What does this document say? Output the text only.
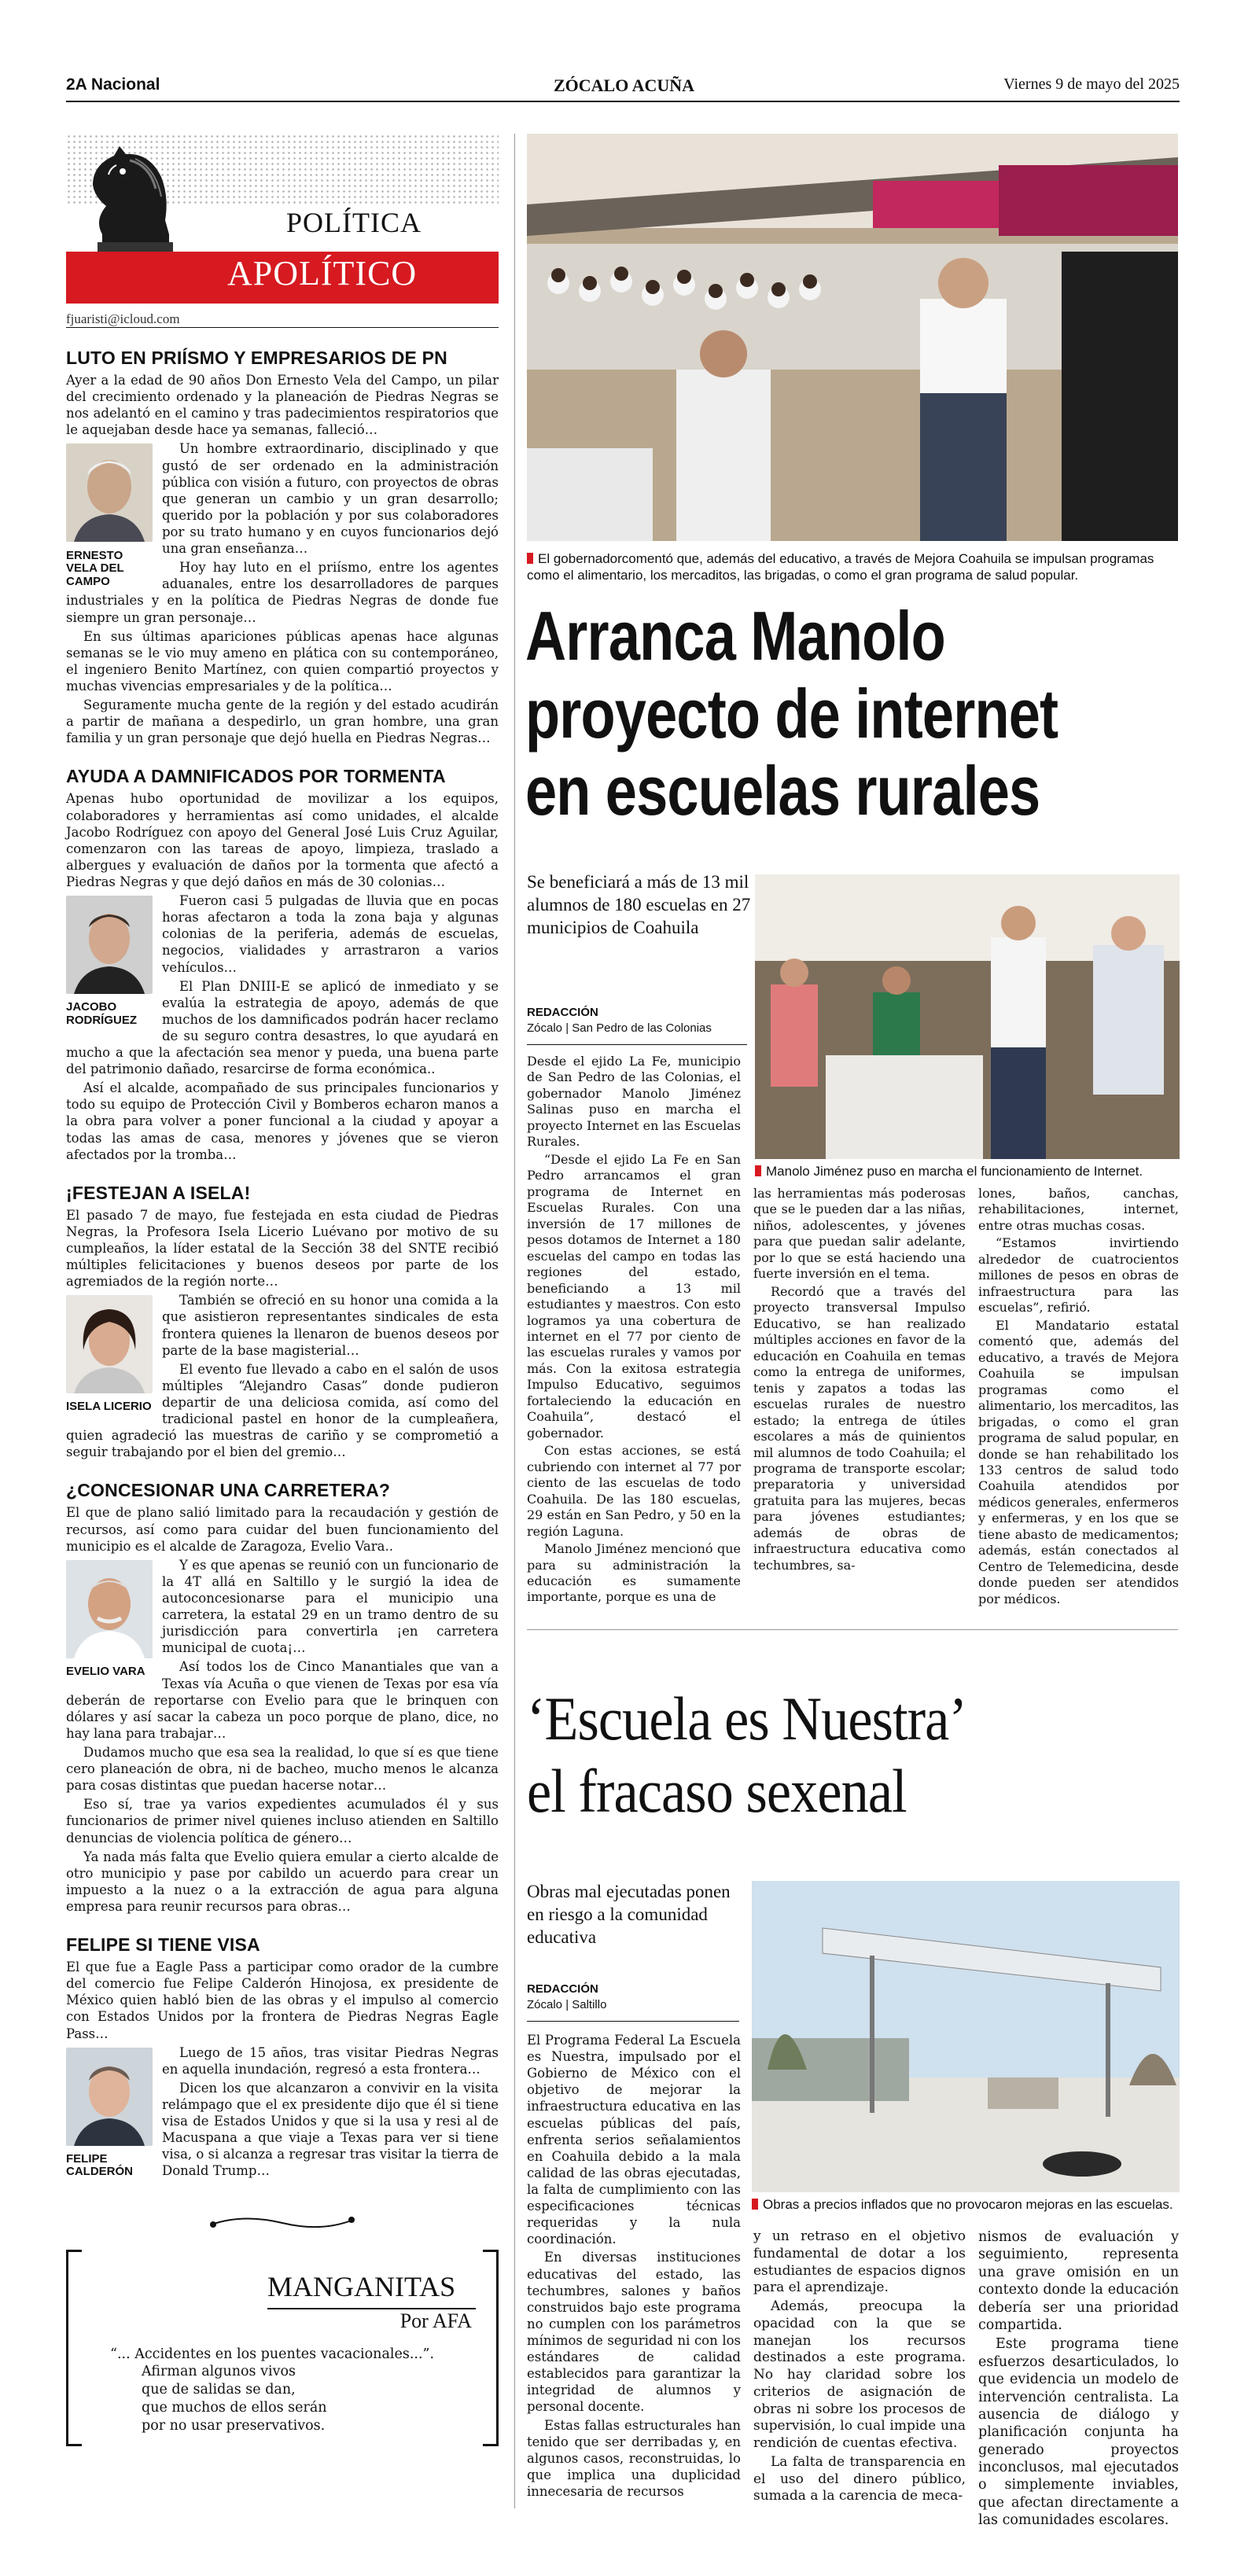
2A Nacional	ZÓCALO ACUÑA	Viernes 9 de mayo del 2025
POLÍTICA
APOLÍTICO
fjuaristi@icloud.com
LUTO EN PRIÍSMO Y EMPRESARIOS DE PN

Ayer a la edad de 90 años Don Ernesto Vela del Campo, un pilar del crecimiento ordenado y la planeación de Piedras Negras se nos adelantó en el camino y tras padecimientos respiratorios que le aquejaban desde hace ya semanas, falleció…

ERNESTO VELA DEL CAMPO

Un hombre extraordinario, disciplinado y que gustó de ser ordenado en la administración pública con visión a futuro, con proyectos de obras que generan un cambio y un gran desarrollo; querido por la población y por sus colaboradores por su trato humano y en cuyos funcionarios dejó una gran enseñanza…

Hoy hay luto en el priísmo, entre los agentes aduanales, entre los desarrolladores de parques industriales y en la política de Piedras Negras de donde fue siempre un gran personaje…

En sus últimas apariciones públicas apenas hace algunas semanas se le vio muy ameno en plática con su contemporáneo, el ingeniero Benito Martínez, con quien compartió proyectos y muchas vivencias empresariales y de la política…

Seguramente mucha gente de la región y del estado acudirán a partir de mañana a despedirlo, un gran hombre, una gran familia y un gran personaje que dejó huella en Piedras Negras…

AYUDA A DAMNIFICADOS POR TORMENTA

Apenas hubo oportunidad de movilizar a los equipos, colaboradores y herramientas así como unidades, el alcalde Jacobo Rodríguez con apoyo del General José Luis Cruz Aguilar, comenzaron con las tareas de apoyo, limpieza, traslado a albergues y evaluación de daños por la tormenta que afectó a Piedras Negras y que dejó daños en más de 30 colonias…

JACOBO RODRÍGUEZ

Fueron casi 5 pulgadas de lluvia que en pocas horas afectaron a toda la zona baja y algunas colonias de la periferia, además de escuelas, negocios, vialidades y arrastraron a varios vehículos…

El Plan DNIII-E se aplicó de inmediato y se evalúa la estrategia de apoyo, además de que muchos de los damnificados podrán hacer reclamo de su seguro contra desastres, lo que ayudará en mucho a que la afectación sea menor y pueda, una buena parte del patrimonio dañado, resarcirse de forma económica..

Así el alcalde, acompañado de sus principales funcionarios y todo su equipo de Protección Civil y Bomberos echaron manos a la obra para volver a poner funcional a la ciudad y apoyar a todas las amas de casa, menores y jóvenes que se vieron afectados por la tromba…

¡FESTEJAN A ISELA!

El pasado 7 de mayo, fue festejada en esta ciudad de Piedras Negras, la Profesora Isela Licerio Luévano por motivo de su cumpleaños, la líder estatal de la Sección 38 del SNTE recibió múltiples felicitaciones y buenos deseos por parte de los agremiados de la región norte…

ISELA LICERIO

También se ofreció en su honor una comida a la que asistieron representantes sindicales de esta frontera quienes la llenaron de buenos deseos por parte de la base magisterial…

El evento fue llevado a cabo en el salón de usos múltiples “Alejandro Casas” donde pudieron departir de una deliciosa comida, así como del tradicional pastel en honor de la cumpleañera, quien agradeció las muestras de cariño y se comprometió a seguir trabajando por el bien del gremio…

¿CONCESIONAR UNA CARRETERA?

El que de plano salió limitado para la recaudación y gestión de recursos, así como para cuidar del buen funcionamiento del municipio es el alcalde de Zaragoza, Evelio Vara..

EVELIO VARA

Y es que apenas se reunió con un funcionario de la 4T allá en Saltillo y le surgió la idea de autoconcesionarse para el municipio una carretera, la estatal 29 en un tramo dentro de su jurisdicción para convertirla ¡en carretera municipal de cuota¡…

Así todos los de Cinco Manantiales que van a Texas vía Acuña o que vienen de Texas por esa vía deberán de reportarse con Evelio para que le brinquen con dólares y así sacar la cabeza un poco porque de plano, dice, no hay lana para trabajar…

Dudamos mucho que esa sea la realidad, lo que sí es que tiene cero planeación de obra, ni de bacheo, mucho menos le alcanza para cosas distintas que puedan hacerse notar…

Eso sí, trae ya varios expedientes acumulados él y sus funcionarios de primer nivel quienes incluso atienden en Saltillo denuncias de violencia política de género…

Ya nada más falta que Evelio quiera emular a cierto alcalde de otro municipio y pase por cabildo un acuerdo para crear un impuesto a la nuez o a la extracción de agua para alguna empresa para reunir recursos para obras…

FELIPE SI TIENE VISA

El que fue a Eagle Pass a participar como orador de la cumbre del comercio fue Felipe Calderón Hinojosa, ex presidente de México quien habló bien de las obras y el impulso al comercio con Estados Unidos por la frontera de Piedras Negras Eagle Pass…

FELIPE CALDERÓN

Luego de 15 años, tras visitar Piedras Negras en aquella inundación, regresó a esta frontera…

Dicen los que alcanzaron a convivir en la visita relámpago que el ex presidente dijo que él si tiene visa de Estados Unidos y que si la usa y resi al de Macuspana a que viaje a Texas para ver si tiene visa, o si alcanza a regresar tras visitar la tierra de Donald Trump…

MANGANITAS
Por AFA
“... Accidentes en los puentes vacacionales...”.
Afirman algunos vivos
que de salidas se dan,
que muchos de ellos serán
por no usar preservativos.
El gobernadorcomentó que, además del educativo, a través de Mejora Coahuila se impulsan programas como el alimentario, los mercaditos, las brigadas, o como el gran programa de salud popular.
Arranca Manolo
proyecto de internet
en escuelas rurales
Se beneficiará a más de 13 mil alumnos de 180 escuelas en 27 municipios de Coahuila
REDACCIÓN
Zócalo | San Pedro de las Colonias
Manolo Jiménez puso en marcha el funcionamiento de Internet.

Desde el ejido La Fe, municipio de San Pedro de las Colonias, el gobernador Manolo Jiménez Salinas puso en marcha el proyecto Internet en las Escuelas Rurales.

“Desde el ejido La Fe en San Pedro arrancamos el gran programa de Internet en Escuelas Rurales. Con una inversión de 17 millones de pesos dotamos de Internet a 180 escuelas del campo en todas las regiones del estado, beneficiando a 13 mil estudiantes y maestros. Con esto logramos ya una cobertura de internet en el 77 por ciento de las escuelas rurales y vamos por más. Con la exitosa estrategia Impulso Educativo, seguimos fortaleciendo la educación en Coahuila”, destacó el gobernador.

Con estas acciones, se está cubriendo con internet al 77 por ciento de las escuelas de todo Coahuila. De las 180 escuelas, 29 están en San Pedro, y 50 en la región Laguna.

Manolo Jiménez mencionó que para su administración la educación es sumamente importante, porque es una de

las herramientas más poderosas que se le pueden dar a las niñas, niños, adolescentes, y jóvenes para que puedan salir adelante, por lo que se está haciendo una fuerte inversión en el tema.

Recordó que a través del proyecto transversal Impulso Educativo, se han realizado múltiples acciones en favor de la educación en Coahuila en temas como la entrega de uniformes, tenis y zapatos a todas las escuelas rurales de nuestro estado; la entrega de útiles escolares a más de quinientos mil alumnos de todo Coahuila; el programa de transporte escolar; preparatoria y universidad gratuita para las mujeres, becas para jóvenes estudiantes; además de obras de infraestructura educativa como techumbres, sa-

lones, baños, canchas, rehabilitaciones, internet, entre otras muchas cosas.

“Estamos invirtiendo alrededor de cuatrocientos millones de pesos en obras de infraestructura para las escuelas”, refirió.

El Mandatario estatal comentó que, además del educativo, a través de Mejora Coahuila se impulsan programas como el alimentario, los mercaditos, las brigadas, o como el gran programa de salud popular, en donde se han rehabilitado los 133 centros de salud todo Coahuila atendidos por médicos generales, enfermeros y enfermeras, y en los que se tiene abasto de medicamentos; además, están conectados al Centro de Telemedicina, desde donde pueden ser atendidos por médicos.

‘Escuela es Nuestra’
el fracaso sexenal
Obras mal ejecutadas ponen en riesgo a la comunidad educativa
REDACCIÓN
Zócalo | Saltillo
Obras a precios inflados que no provocaron mejoras en las escuelas.

El Programa Federal La Escuela es Nuestra, impulsado por el Gobierno de México con el objetivo de mejorar la infraestructura educativa en las escuelas públicas del país, enfrenta serios señalamientos en Coahuila debido a la mala calidad de las obras ejecutadas, la falta de cumplimiento con las especificaciones técnicas requeridas y la nula coordinación.

En diversas instituciones educativas del estado, las techumbres, salones y baños construidos bajo este programa no cumplen con los parámetros mínimos de seguridad ni con los estándares de calidad establecidos para garantizar la integridad de alumnos y personal docente.

Estas fallas estructurales han tenido que ser derribadas y, en algunos casos, reconstruidas, lo que implica una duplicidad innecesaria de recursos

y un retraso en el objetivo fundamental de dotar a los estudiantes de espacios dignos para el aprendizaje.

Además, preocupa la opacidad con la que se manejan los recursos destinados a este programa. No hay claridad sobre los criterios de asignación de obras ni sobre los procesos de supervisión, lo cual impide una rendición de cuentas efectiva.

La falta de transparencia en el uso del dinero público, sumada a la carencia de meca-

nismos de evaluación y seguimiento, representa una grave omisión en un contexto donde la educación debería ser una prioridad compartida.

Este programa tiene esfuerzos desarticulados, lo que evidencia un modelo de intervención centralista. La ausencia de diálogo y planificación conjunta ha generado proyectos inconclusos, mal ejecutados o simplemente inviables, que afectan directamente a las comunidades escolares.
